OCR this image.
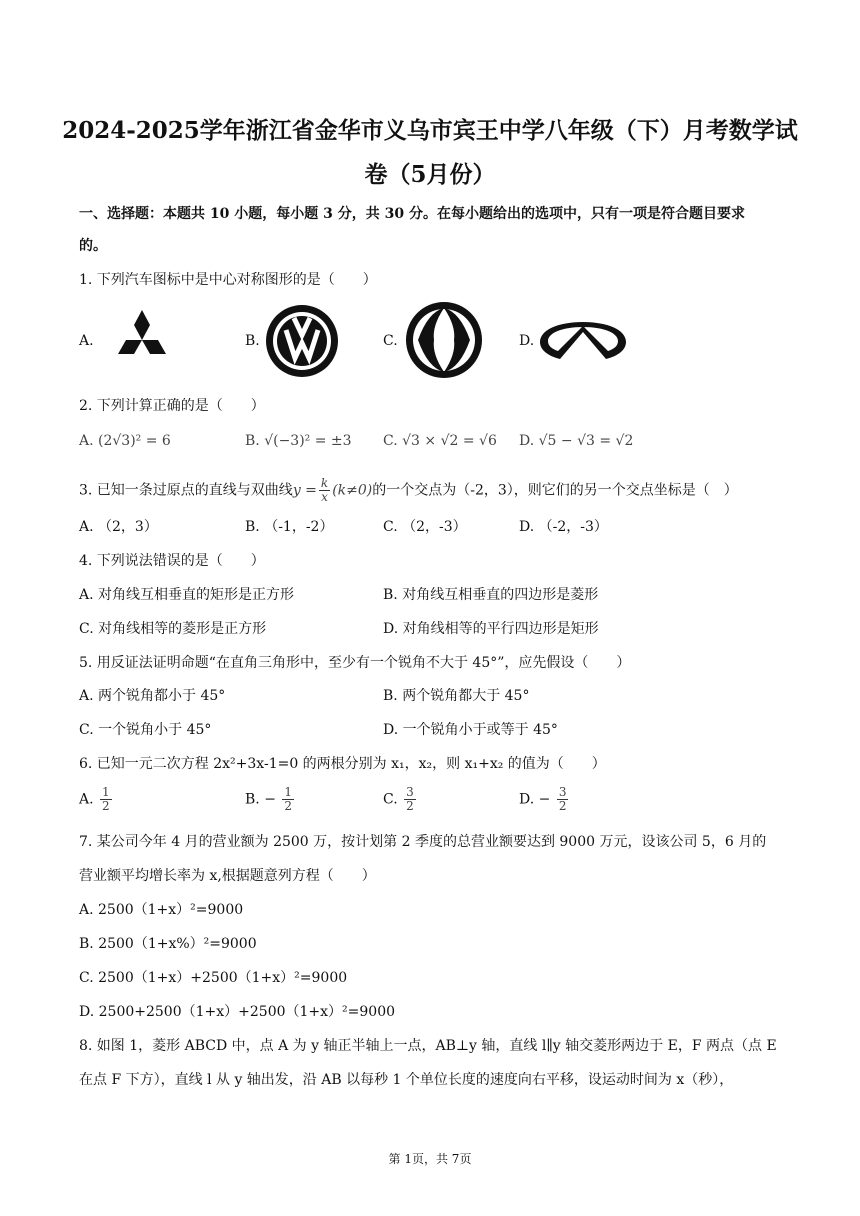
2024-2025学年浙江省金华市义乌市宾王中学八年级（下）月考数学试
卷（5月份）
一、选择题：本题共 10 小题，每小题 3 分，共 30 分。在每小题给出的选项中，只有一项是符合题目要求
的。
1. 下列汽车图标中是中心对称图形的是（　　）
A.	B.	C.	D.
2. 下列计算正确的是（　　）
A. (2√3)² = 6	B. √(−3)² = ±3 C. √3 × √2 = √6 D. √5 − √3 = √2
3. 已知一条过原点的直线与双曲线$y = \frac{k}{x} (k\ne 0)$的一个交点为（-2，3），则它们的另一个交点坐标是（　）
A. （2，3）	B. （-1，-2）	C. （2，-3）	D. （-2，-3）
4. 下列说法错误的是（　　）
A. 对角线互相垂直的矩形是正方形	B. 对角线互相垂直的四边形是菱形
C. 对角线相等的菱形是正方形	D. 对角线相等的平行四边形是矩形
5. 用反证法证明命题“在直角三角形中，至少有一个锐角不大于 45°”，应先假设（　　）
A. 两个锐角都小于 45°	B. 两个锐角都大于 45°
C. 一个锐角小于 45°	D. 一个锐角小于或等于 45°
6. 已知一元二次方程 2x²+3x-1=0 的两根分别为 x₁，x₂，则 x₁+x₂ 的值为（　　）
A. $\frac{1}{2}$	B. − $\frac{1}{2}$	C. $\frac{3}{2}$	D. − $\frac{3}{2}$
7. 某公司今年 4 月的营业额为 2500 万，按计划第 2 季度的总营业额要达到 9000 万元，设该公司 5，6 月的
营业额平均增长率为 x,根据题意列方程（　　）
A. 2500（1+x）²=9000
B. 2500（1+x%）²=9000
C. 2500（1+x）+2500（1+x）²=9000
D. 2500+2500（1+x）+2500（1+x）²=9000
8. 如图 1，菱形 ABCD 中，点 A 为 y 轴正半轴上一点，AB⊥y 轴，直线 l∥y 轴交菱形两边于 E，F 两点（点 E
在点 F 下方），直线 l 从 y 轴出发，沿 AB 以每秒 1 个单位长度的速度向右平移，设运动时间为 x（秒），
第 1页，共 7页
